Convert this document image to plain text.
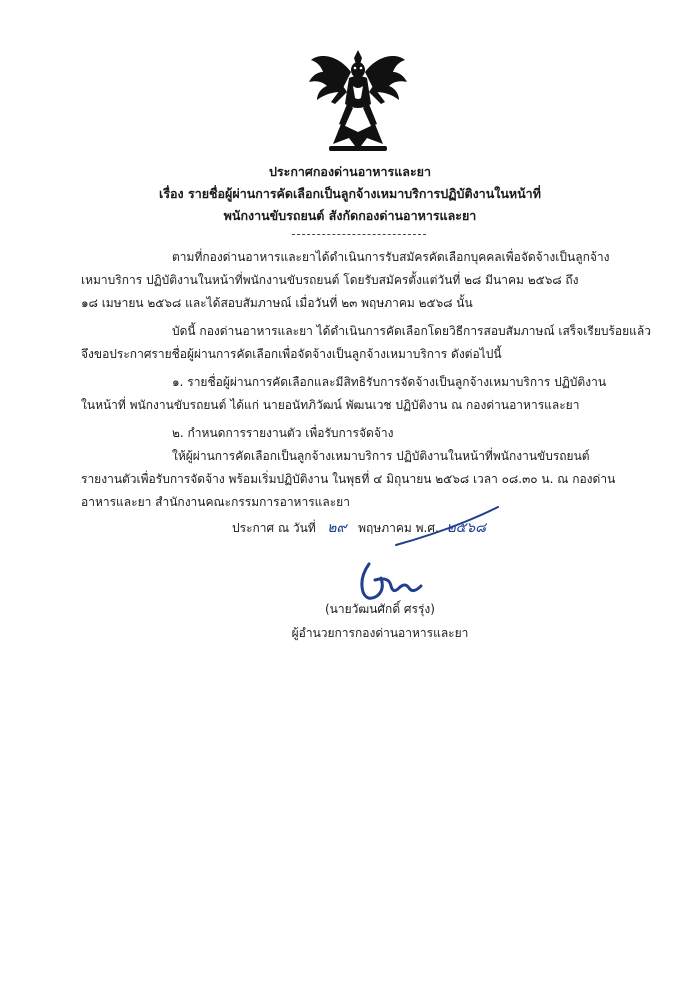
ประกาศกองด่านอาหารและยา
เรื่อง รายชื่อผู้ผ่านการคัดเลือกเป็นลูกจ้างเหมาบริการปฏิบัติงานในหน้าที่
พนักงานขับรถยนต์ สังกัดกองด่านอาหารและยา
ตามที่กองด่านอาหารและยาได้ดำเนินการรับสมัครคัดเลือกบุคคลเพื่อจัดจ้างเป็นลูกจ้าง
เหมาบริการ ปฏิบัติงานในหน้าที่พนักงานขับรถยนต์ โดยรับสมัครตั้งแต่วันที่ ๒๘ มีนาคม ๒๕๖๘ ถึง
๑๘ เมษายน ๒๕๖๘ และได้สอบสัมภาษณ์ เมื่อวันที่ ๒๓ พฤษภาคม ๒๕๖๘ นั้น
บัดนี้ กองด่านอาหารและยา ได้ดำเนินการคัดเลือกโดยวิธีการสอบสัมภาษณ์ เสร็จเรียบร้อยแล้ว
จึงขอประกาศรายชื่อผู้ผ่านการคัดเลือกเพื่อจัดจ้างเป็นลูกจ้างเหมาบริการ ดังต่อไปนี้
๑. รายชื่อผู้ผ่านการคัดเลือกและมีสิทธิรับการจัดจ้างเป็นลูกจ้างเหมาบริการ ปฏิบัติงาน
ในหน้าที่ พนักงานขับรถยนต์ ได้แก่ นายอนัทภิวัฒน์ พัฒนเวช ปฏิบัติงาน ณ กองด่านอาหารและยา
๒. กำหนดการรายงานตัว เพื่อรับการจัดจ้าง
ให้ผู้ผ่านการคัดเลือกเป็นลูกจ้างเหมาบริการ ปฏิบัติงานในหน้าที่พนักงานขับรถยนต์
รายงานตัวเพื่อรับการจัดจ้าง พร้อมเริ่มปฏิบัติงาน ในพุธที่ ๔ มิถุนายน ๒๕๖๘ เวลา ๐๘.๓๐ น. ณ กองด่าน
อาหารและยา สำนักงานคณะกรรมการอาหารและยา
ประกาศ ณ วันที่ ๒๙ พฤษภาคม พ.ศ. ๒๕๖๘
(นายวัฒนศักดิ์ ศรรุ่ง)
ผู้อำนวยการกองด่านอาหารและยา
